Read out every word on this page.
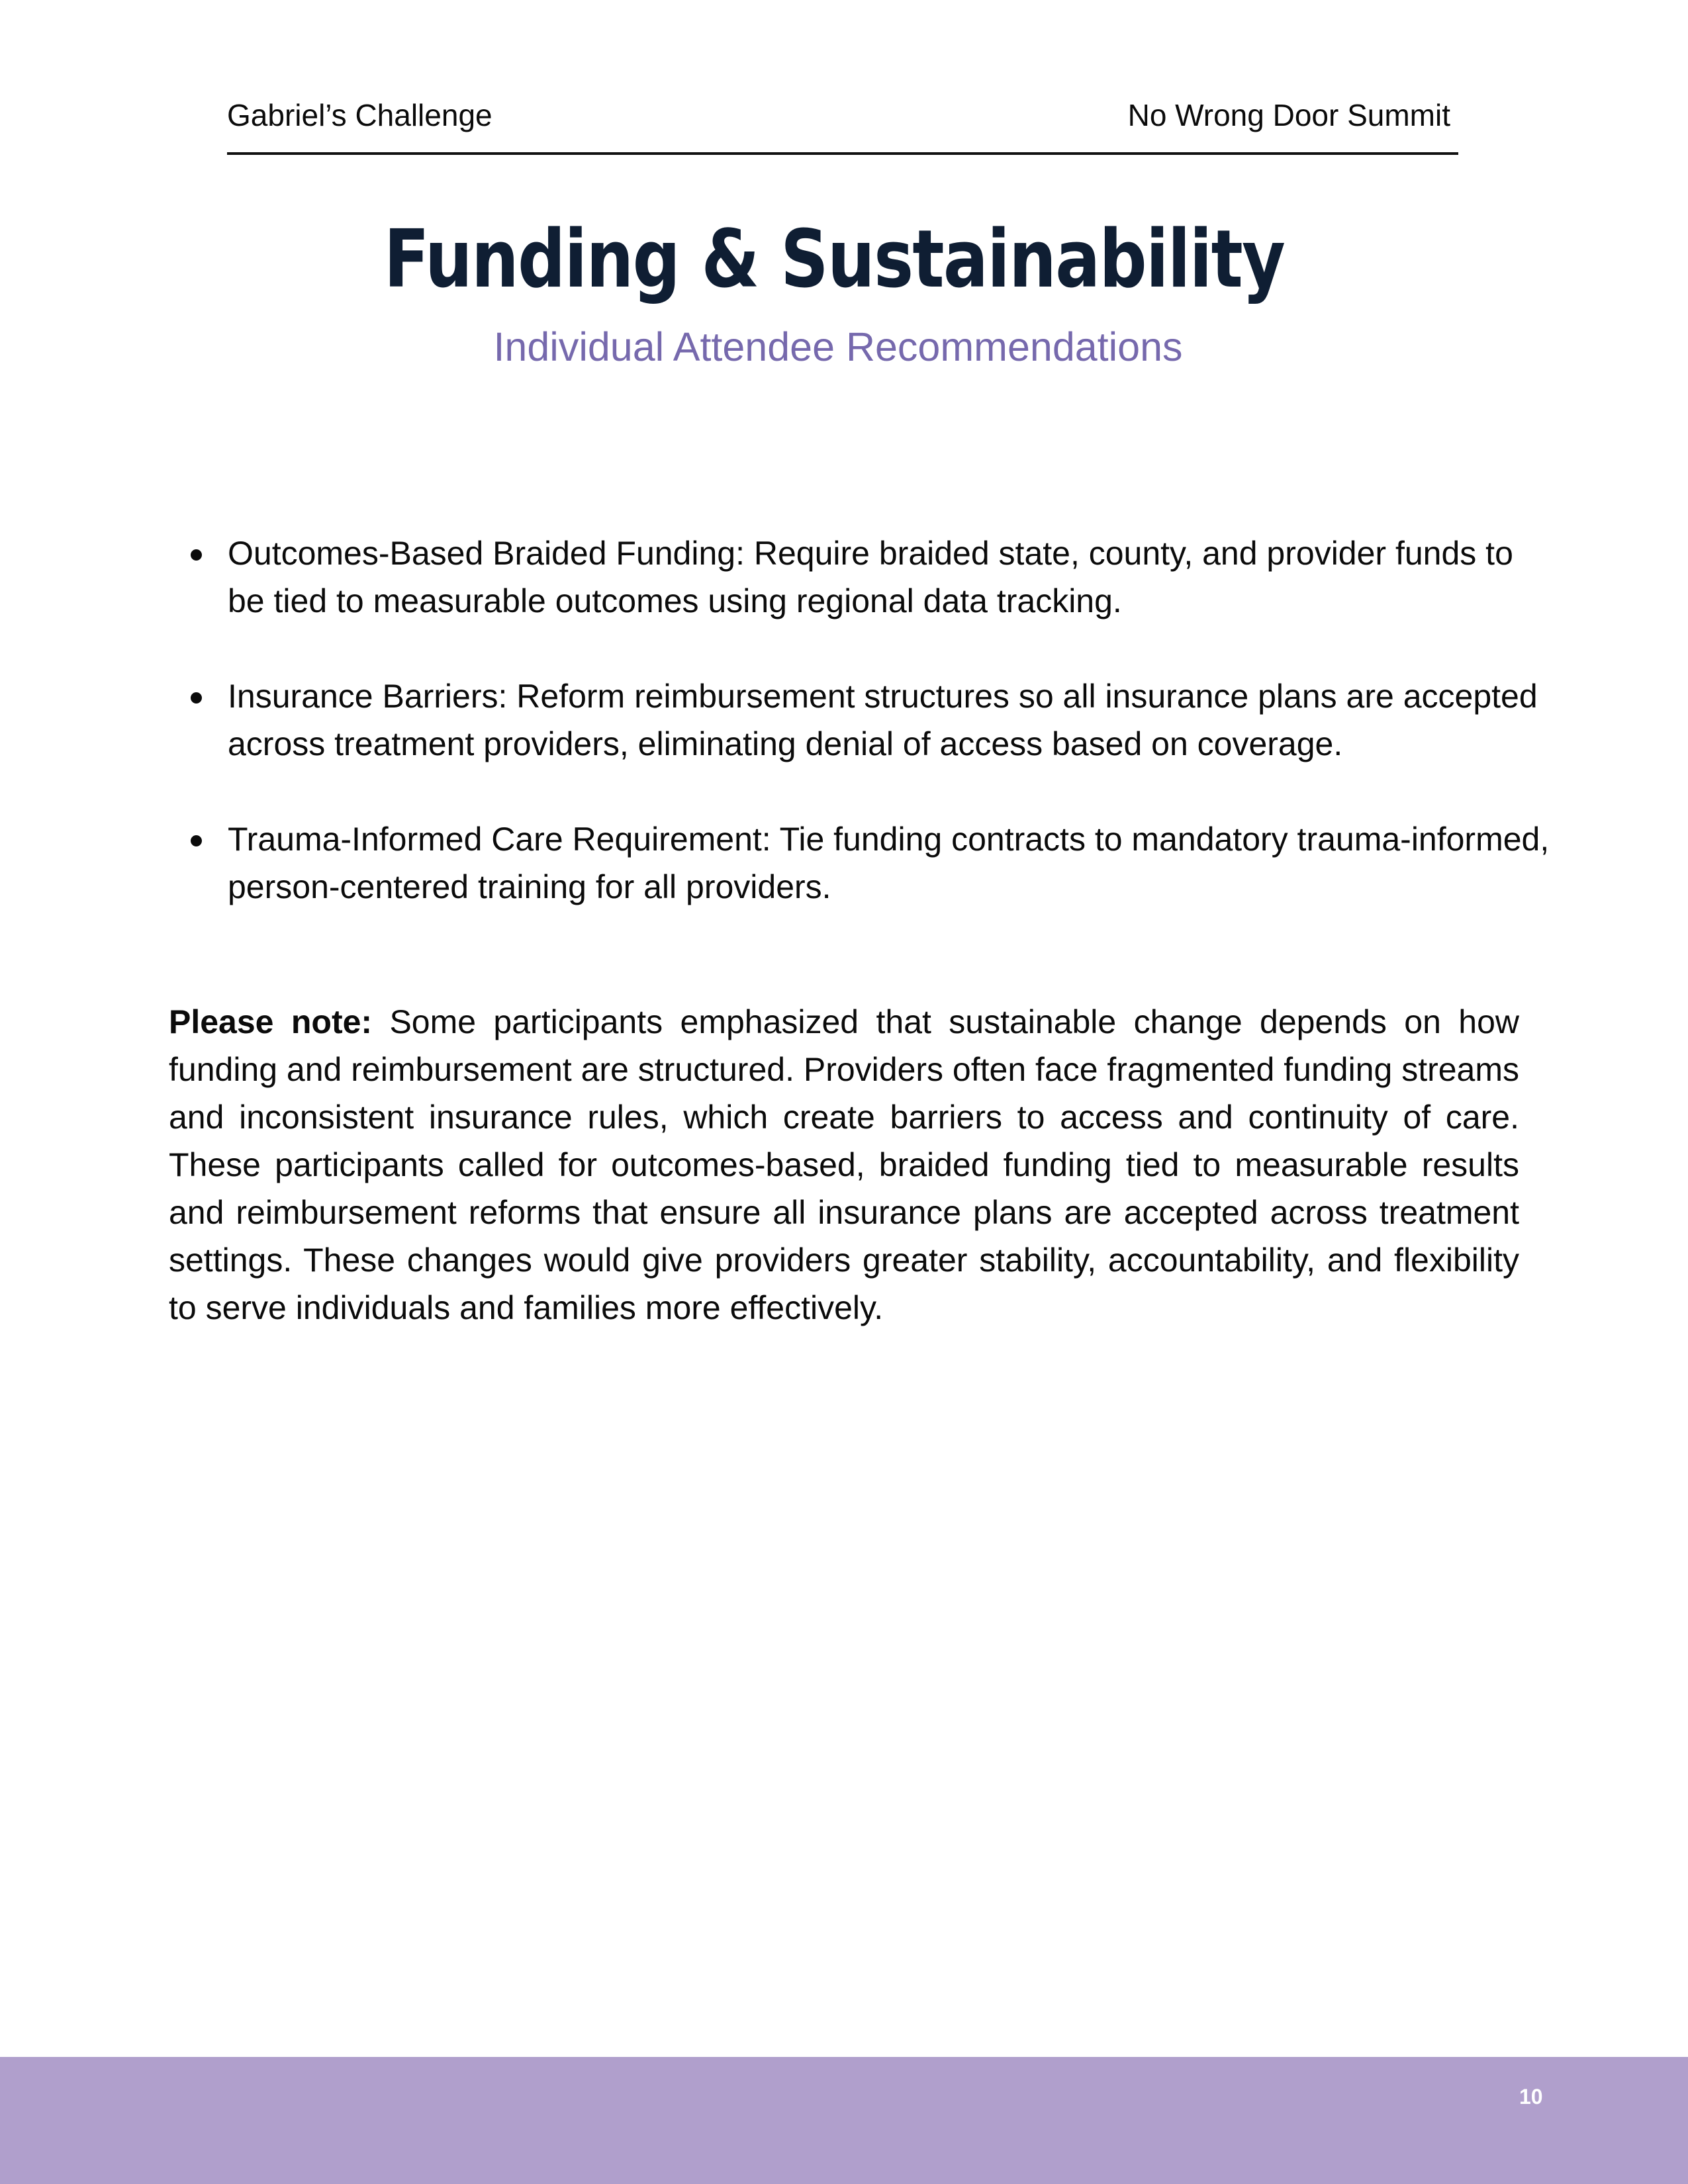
Gabriel’s Challenge	No Wrong Door Summit
Funding & Sustainability
Individual Attendee Recommendations
Outcomes-Based Braided Funding: Require braided state, county, and provider funds to be tied to measurable outcomes using regional data tracking.
Insurance Barriers: Reform reimbursement structures so all insurance plans are accepted across treatment providers, eliminating denial of access based on coverage.
Trauma-Informed Care Requirement: Tie funding contracts to mandatory trauma-informed, person-centered training for all providers.

Please note: Some participants emphasized that sustainable change depends on how funding and reimbursement are structured. Providers often face fragmented funding streams and inconsistent insurance rules, which create barriers to access and continuity of care. These participants called for outcomes-based, braided funding tied to measurable results and reimbursement reforms that ensure all insurance plans are accepted across treatment settings. These changes would give providers greater stability, accountability, and flexibility to serve individuals and families more effectively.

10
